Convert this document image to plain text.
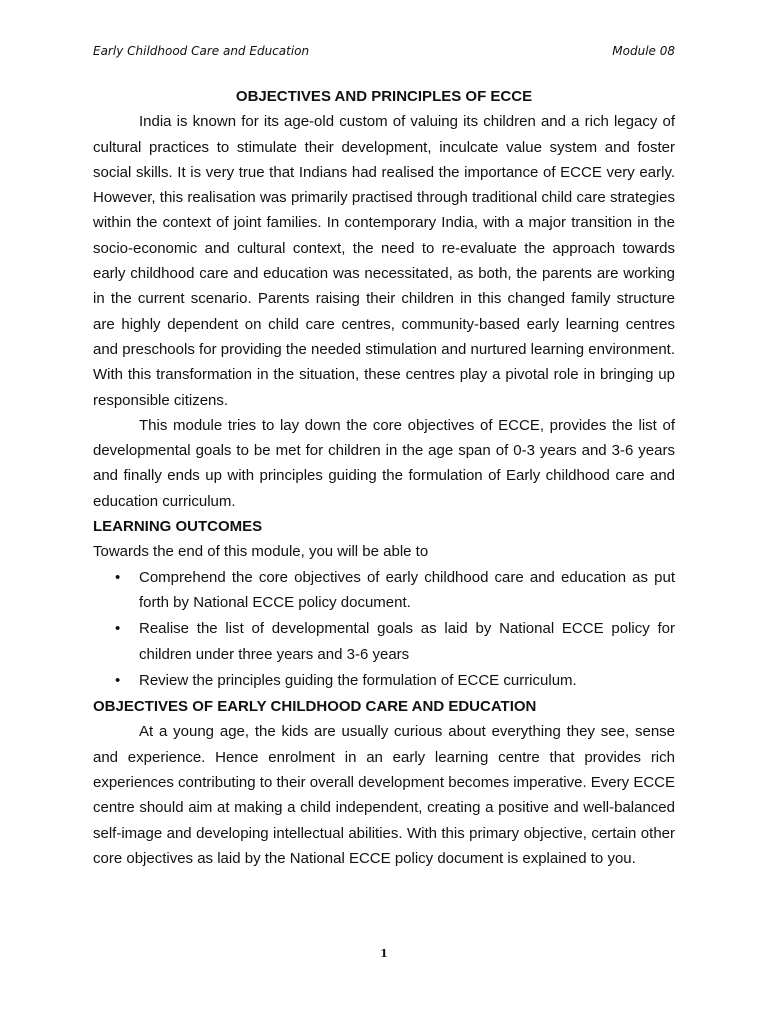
Early Childhood Care and Education	Module 08

OBJECTIVES AND PRINCIPLES OF ECCE

India is known for its age-old custom of valuing its children and a rich legacy of cultural practices to stimulate their development, inculcate value system and foster social skills. It is very true that Indians had realised the importance of ECCE very early. However, this realisation was primarily practised through traditional child care strategies within the context of joint families. In contemporary India, with a major transition in the socio-economic and cultural context, the need to re-evaluate the approach towards early childhood care and education was necessitated, as both, the parents are working in the current scenario. Parents raising their children in this changed family structure are highly dependent on child care centres, community-based early learning centres and preschools for providing the needed stimulation and nurtured learning environment. With this transformation in the situation, these centres play a pivotal role in bringing up responsible citizens.

This module tries to lay down the core objectives of ECCE, provides the list of developmental goals to be met for children in the age span of 0-3 years and 3-6 years and finally ends up with principles guiding the formulation of Early childhood care and education curriculum.

LEARNING OUTCOMES

Towards the end of this module, you will be able to

• Comprehend the core objectives of early childhood care and education as put forth by National ECCE policy document.
• Realise the list of developmental goals as laid by National ECCE policy for children under three years and 3-6 years
• Review the principles guiding the formulation of ECCE curriculum.

OBJECTIVES OF EARLY CHILDHOOD CARE AND EDUCATION

At a young age, the kids are usually curious about everything they see, sense and experience. Hence enrolment in an early learning centre that provides rich experiences contributing to their overall development becomes imperative. Every ECCE centre should aim at making a child independent, creating a positive and well-balanced self-image and developing intellectual abilities. With this primary objective, certain other core objectives as laid by the National ECCE policy document is explained to you.

1
